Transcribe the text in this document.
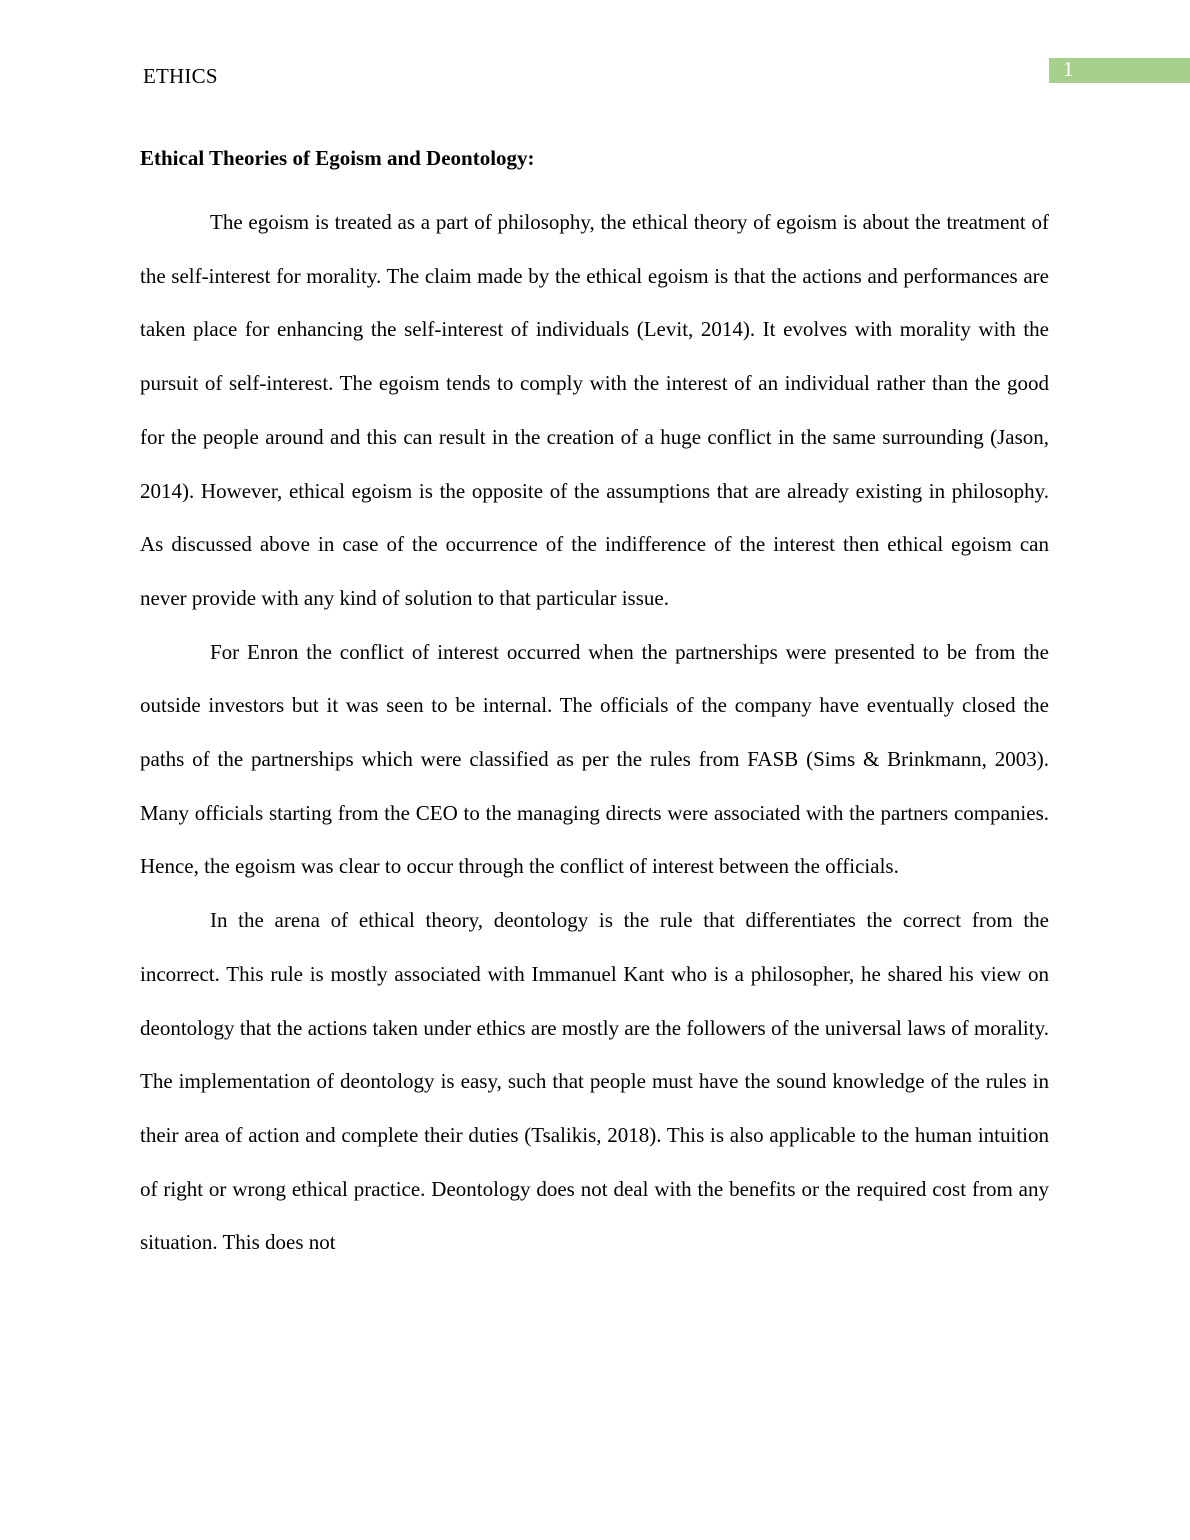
ETHICS	1
Ethical Theories of Egoism and Deontology:

The egoism is treated as a part of philosophy, the ethical theory of egoism is about the treatment of the self-interest for morality. The claim made by the ethical egoism is that the actions and performances are taken place for enhancing the self-interest of individuals (Levit, 2014). It evolves with morality with the pursuit of self-interest. The egoism tends to comply with the interest of an individual rather than the good for the people around and this can result in the creation of a huge conflict in the same surrounding (Jason, 2014). However, ethical egoism is the opposite of the assumptions that are already existing in philosophy. As discussed above in case of the occurrence of the indifference of the interest then ethical egoism can never provide with any kind of solution to that particular issue.

For Enron the conflict of interest occurred when the partnerships were presented to be from the outside investors but it was seen to be internal. The officials of the company have eventually closed the paths of the partnerships which were classified as per the rules from FASB (Sims & Brinkmann, 2003). Many officials starting from the CEO to the managing directs were associated with the partners companies. Hence, the egoism was clear to occur through the conflict of interest between the officials.

In the arena of ethical theory, deontology is the rule that differentiates the correct from the incorrect. This rule is mostly associated with Immanuel Kant who is a philosopher, he shared his view on deontology that the actions taken under ethics are mostly are the followers of the universal laws of morality. The implementation of deontology is easy, such that people must have the sound knowledge of the rules in their area of action and complete their duties (Tsalikis, 2018). This is also applicable to the human intuition of right or wrong ethical practice. Deontology does not deal with the benefits or the required cost from any situation. This does not
